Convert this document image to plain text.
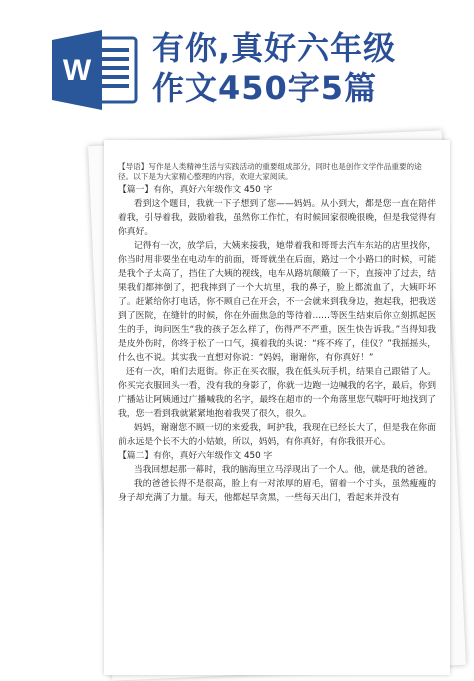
W
有你,真好六年级
作文450字5篇

【导语】写作是人类精神生活与实践活动的重要组成部分，同时也是创作文学作品重要的途径。以下是为大家精心整理的内容，欢迎大家阅读。

【篇一】有你，真好六年级作文 450 字

看到这个题目，我就一下子想到了您——妈妈。从小到大，都是您一直在陪伴着我，引导着我，鼓励着我，虽然你工作忙，有时候回家很晚很晚，但是我觉得有你真好。

记得有一次，放学后，大姨来接我，她带着我和哥哥去汽车东站的店里找你，你当时用非要坐在电动车的前面，哥哥就坐在后面，路过一个小路口的时候，可能是我个子太高了，挡住了大姨的视线，电车从路坑颠簸了一下，直接冲了过去，结果我们都摔倒了，把我摔到了一个大坑里，我的鼻子，脸上都流血了，大姨吓坏了。赶紧给你打电话，你不顾自己在开会，不一会就来到我身边，抱起我，把我送到了医院，在缝针的时候，你在外面焦急的等待着……等医生结束后你立刻抓起医生的手，询问医生“我的孩子怎么样了，伤得严不严重，医生快告诉我。”当得知我是皮外伤时，你终于松了一口气，摸着我的头说：“疼不疼了，佳仪？”我摇摇头，什么也不说。其实我一直想对你说：“妈妈，谢谢你，有你真好！”

还有一次，咱们去逛街。你正在买衣服，我在低头玩手机，结果自己跟错了人。你买完衣服回头一看，没有我的身影了，你就一边跑一边喊我的名字，最后，你到广播站让阿姨通过广播喊我的名字，最终在超市的一个角落里您气喘吁吁地找到了我，您一看到我就紧紧地抱着我哭了很久，很久。

妈妈，谢谢您不顾一切的来爱我，呵护我，我现在已经长大了，但是我在你面前永远是个长不大的小姑娘，所以，妈妈，有你真好，有你我很开心。

【篇二】有你，真好六年级作文 450 字

当我回想起那一幕时，我的脑海里立马浮现出了一个人。他，就是我的爸爸。

我的爸爸长得不是很高，脸上有一对浓厚的眉毛，留着一个寸头，虽然瘦瘦的身子却充满了力量。每天，他都起早贪黑，一些每天出门，看起来并没有
